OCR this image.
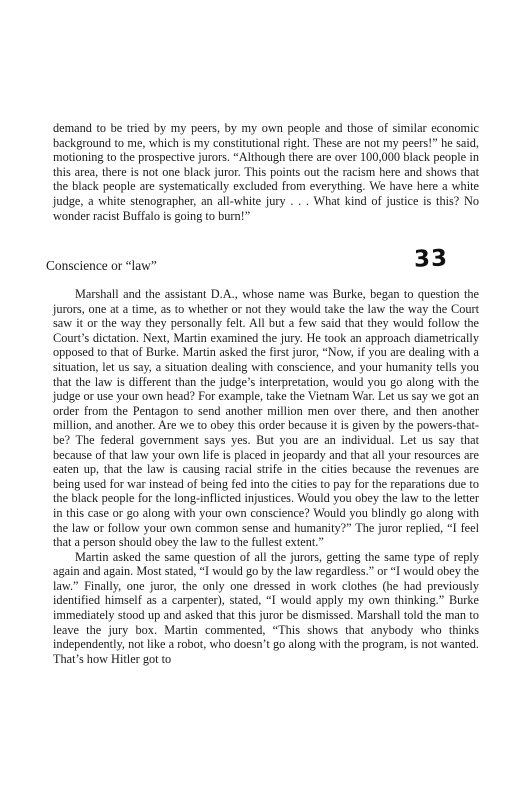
demand to be tried by my peers, by my own people and those of similar economic background to me, which is my constitutional right. These are not my peers!” he said, motioning to the prospective jurors. “Although there are over 100,000 black people in this area, there is not one black juror. This points out the racism here and shows that the black people are systematically excluded from everything. We have here a white judge, a white stenographer, an all-white jury . . . What kind of justice is this? No wonder racist Buffalo is going to burn!”

33
Conscience or “law”

Marshall and the assistant D.A., whose name was Burke, began to question the jurors, one at a time, as to whether or not they would take the law the way the Court saw it or the way they personally felt. All but a few said that they would follow the Court’s dictation. Next, Martin examined the jury. He took an approach diametrically opposed to that of Burke. Martin asked the first juror, “Now, if you are dealing with a situation, let us say, a situation dealing with conscience, and your humanity tells you that the law is different than the judge’s interpretation, would you go along with the judge or use your own head? For example, take the Vietnam War. Let us say we got an order from the Pentagon to send another million men over there, and then another million, and another. Are we to obey this order because it is given by the powers-that-be? The federal government says yes. But you are an individual. Let us say that because of that law your own life is placed in jeopardy and that all your resources are eaten up, that the law is causing racial strife in the cities because the revenues are being used for war instead of being fed into the cities to pay for the reparations due to the black people for the long-inflicted injustices. Would you obey the law to the letter in this case or go along with your own conscience? Would you blindly go along with the law or follow your own common sense and humanity?” The juror replied, “I feel that a person should obey the law to the fullest extent.”

Martin asked the same question of all the jurors, getting the same type of reply again and again. Most stated, “I would go by the law regardless.” or “I would obey the law.” Finally, one juror, the only one dressed in work clothes (he had previously identified himself as a carpenter), stated, “I would apply my own thinking.” Burke immediately stood up and asked that this juror be dismissed. Marshall told the man to leave the jury box. Martin commented, “This shows that anybody who thinks independently, not like a robot, who doesn’t go along with the program, is not wanted. That’s how Hitler got to
